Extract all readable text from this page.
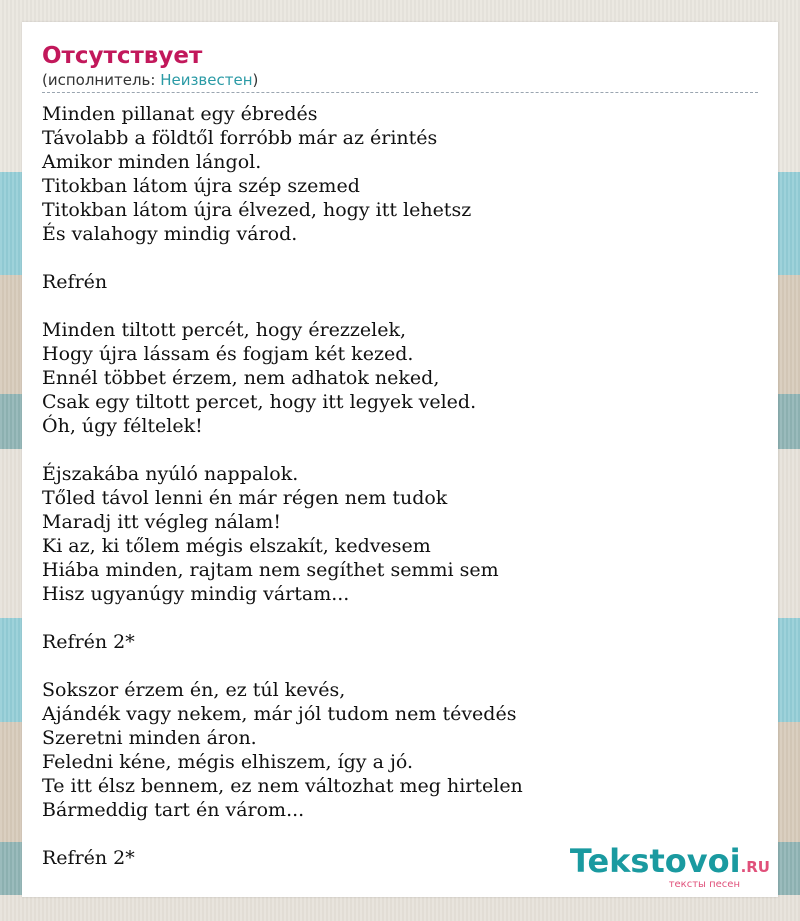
Отсутствует
(исполнитель: Неизвестен)
Minden pillanat egy ébredés
Távolabb a földtől forróbb már az érintés
Amikor minden lángol.
Titokban látom újra szép szemed
Titokban látom újra élvezed, hogy itt lehetsz
És valahogy mindig várod.
Refrén
Minden tiltott percét, hogy érezzelek,
Hogy újra lássam és fogjam két kezed.
Ennél többet érzem, nem adhatok neked,
Csak egy tiltott percet, hogy itt legyek veled.
Óh, úgy féltelek!
Éjszakába nyúló nappalok.
Tőled távol lenni én már régen nem tudok
Maradj itt végleg nálam!
Ki az, ki tőlem mégis elszakít, kedvesem
Hiába minden, rajtam nem segíthet semmi sem
Hisz ugyanúgy mindig vártam...
Refrén 2*
Sokszor érzem én, ez túl kevés,
Ajándék vagy nekem, már jól tudom nem tévedés
Szeretni minden áron.
Feledni kéne, mégis elhiszem, így a jó.
Te itt élsz bennem, ez nem változhat meg hirtelen
Bármeddig tart én várom...
Refrén 2*	Tekstovoi.RU
тексты песен
